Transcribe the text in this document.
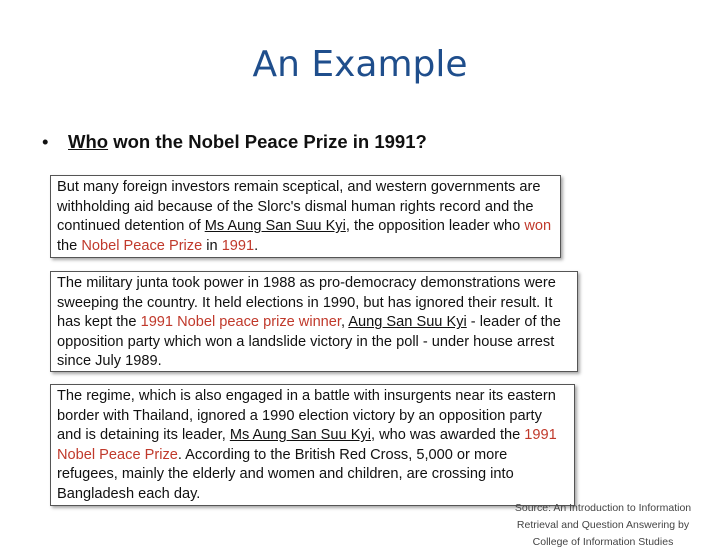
An Example
• Who won the Nobel Peace Prize in 1991?
But many foreign investors remain sceptical, and western governments are withholding aid because of the Slorc's dismal human rights record and the continued detention of Ms Aung San Suu Kyi, the opposition leader who won the Nobel Peace Prize in 1991.
The military junta took power in 1988 as pro-democracy demonstrations were sweeping the country. It held elections in 1990, but has ignored their result. It has kept the 1991 Nobel peace prize winner, Aung San Suu Kyi - leader of the opposition party which won a landslide victory in the poll - under house arrest since July 1989.
The regime, which is also engaged in a battle with insurgents near its eastern border with Thailand, ignored a 1990 election victory by an opposition party and is detaining its leader, Ms Aung San Suu Kyi, who was awarded the 1991 Nobel Peace Prize. According to the British Red Cross, 5,000 or more refugees, mainly the elderly and women and children, are crossing into Bangladesh each day.
Source: An Introduction to Information
Retrieval and Question Answering by
College of Information Studies
